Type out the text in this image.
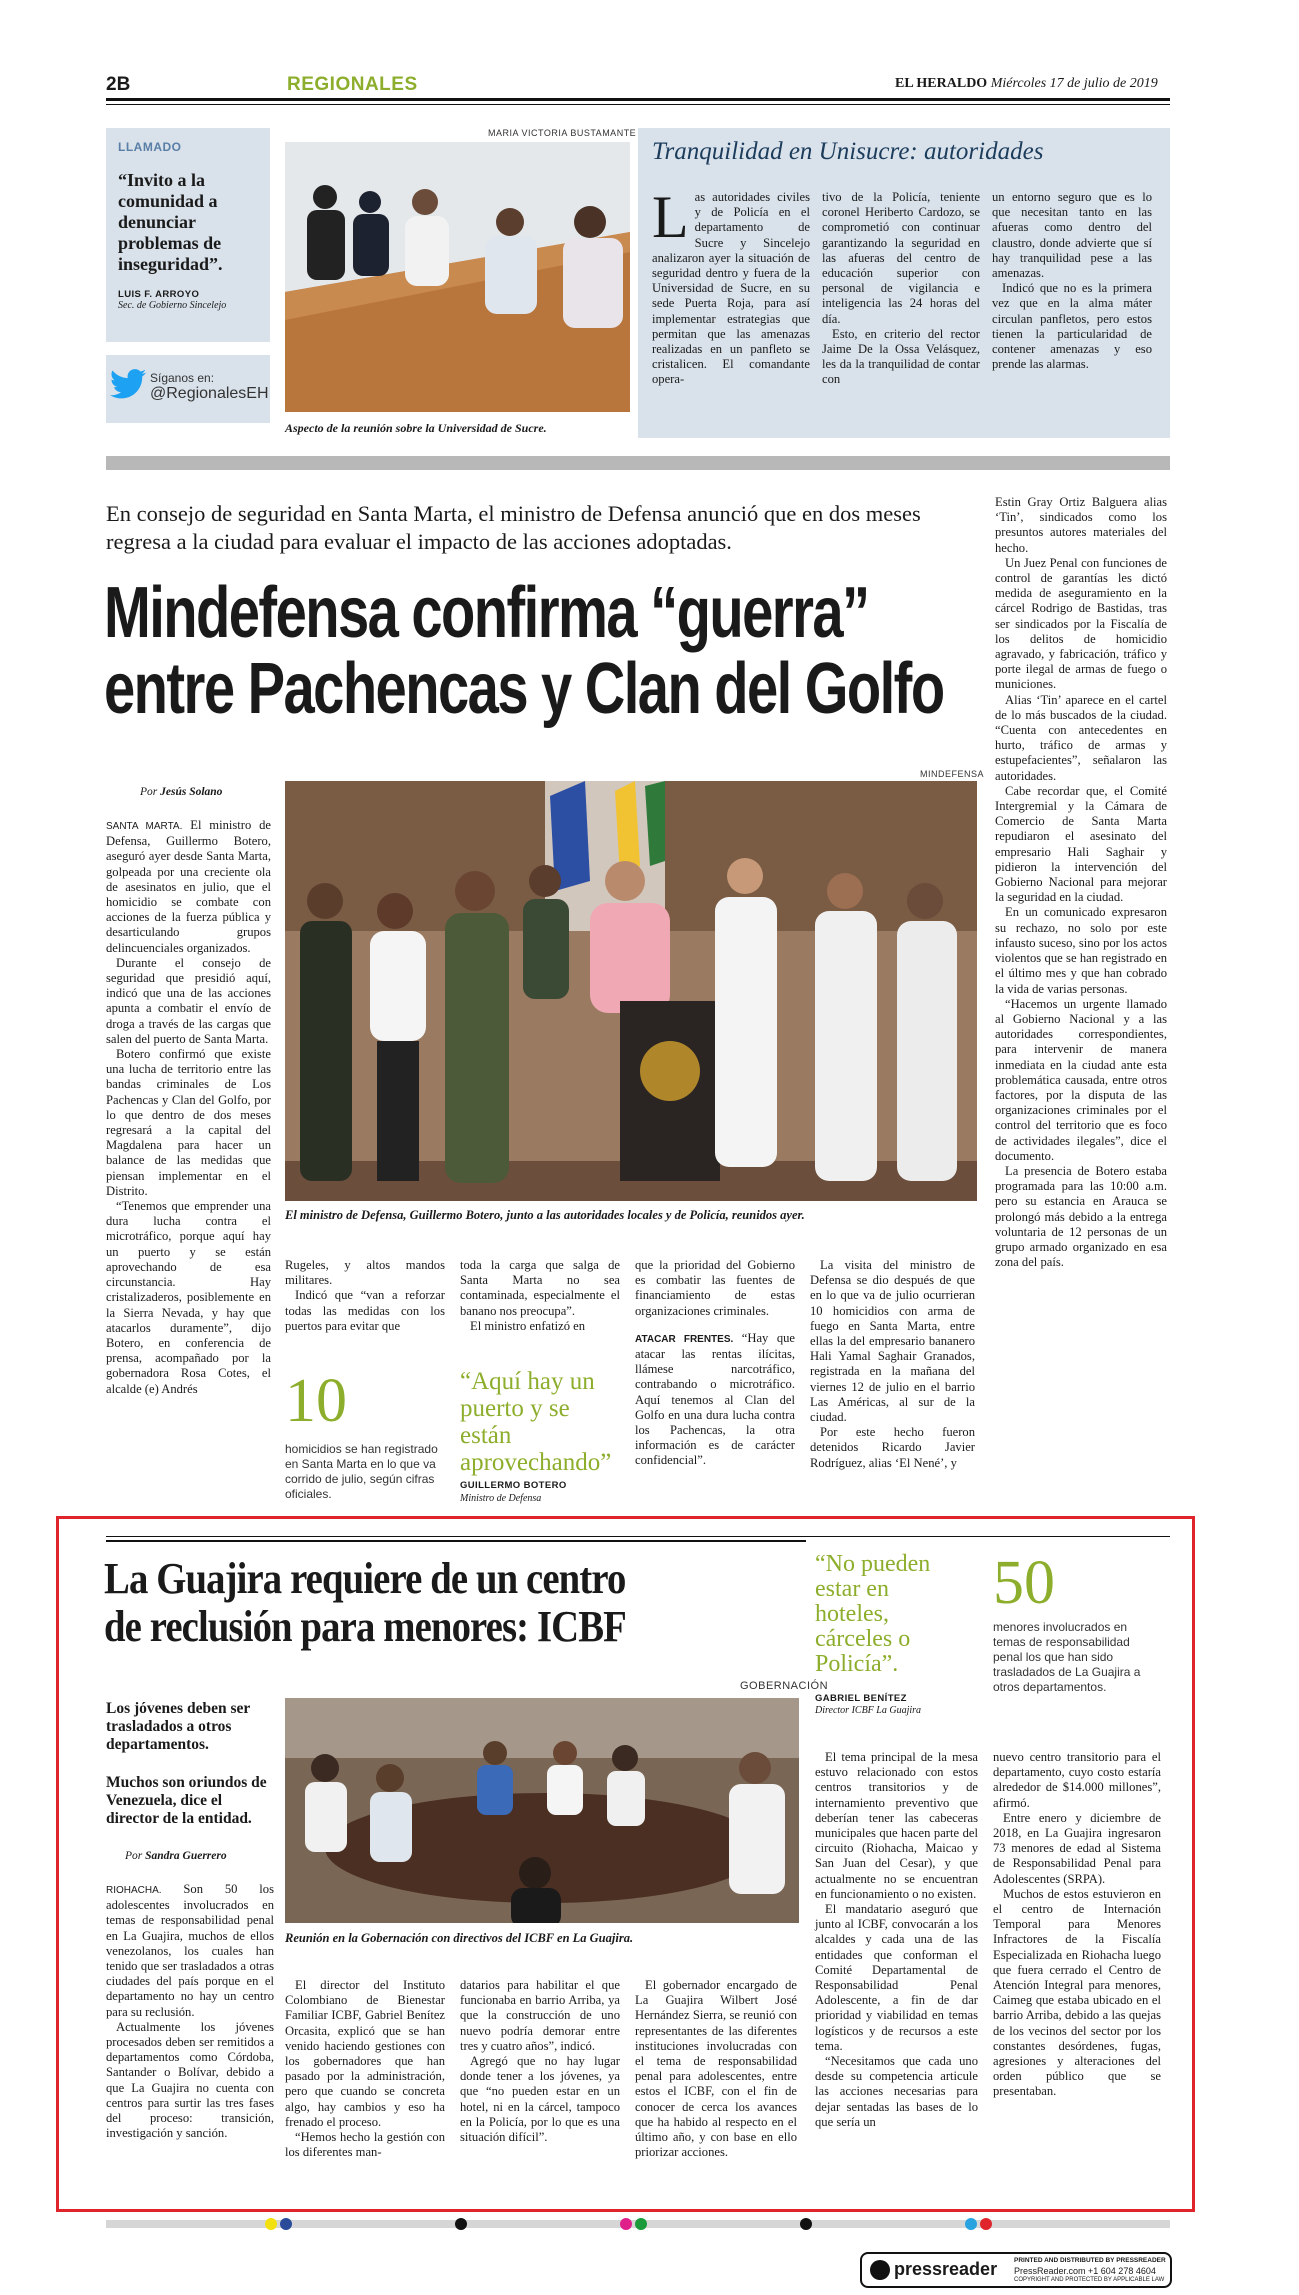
2B	REGIONALES	EL HERALDO Miércoles 17 de julio de 2019
LLAMADO
“Invito a la comunidad a denunciar problemas de inseguridad”.
LUIS F. ARROYO
Sec. de Gobierno Sincelejo
Síganos en:
@RegionalesEH
MARIA VICTORIA BUSTAMANTE
Aspecto de la reunión sobre la Universidad de Sucre.
Tranquilidad en Unisucre: autoridades
L as autoridades civiles y de Policía en el departamento de Sucre y Sincelejo analizaron ayer la situación de seguridad dentro y fuera de la Universidad de Sucre, en su sede Puerta Roja, para así implementar estrategias que permitan que las amenazas realizadas en un panfleto se cristalicen. El comandante opera-

tivo de la Policía, teniente coronel Heriberto Cardozo, se comprometió con continuar garantizando la seguridad en las afueras del centro de educación superior con personal de vigilancia e inteligencia las 24 horas del día.

Esto, en criterio del rector Jaime De la Ossa Velásquez, les da la tranquilidad de contar con

un entorno seguro que es lo que necesitan tanto en las afueras como dentro del claustro, donde advierte que sí hay tranquilidad pese a las amenazas.

Indicó que no es la primera vez que en la alma máter circulan panfletos, pero estos tienen la particularidad de contener amenazas y eso prende las alarmas.

En consejo de seguridad en Santa Marta, el ministro de Defensa anunció que en dos meses regresa a la ciudad para evaluar el impacto de las acciones adoptadas.
Mindefensa confirma “guerra”
entre Pachencas y Clan del Golfo
Por Jesús Solano
MINDEFENSA
El ministro de Defensa, Guillermo Botero, junto a las autoridades locales y de Policía, reunidos ayer.

SANTA MARTA. El ministro de Defensa, Guillermo Botero, aseguró ayer desde Santa Marta, golpeada por una creciente ola de asesinatos en julio, que el homicidio se combate con acciones de la fuerza pública y desarticulando grupos delincuenciales organizados.

Durante el consejo de seguridad que presidió aquí, indicó que una de las acciones apunta a combatir el envío de droga a través de las cargas que salen del puerto de Santa Marta.

Botero confirmó que existe una lucha de territorio entre las bandas criminales de Los Pachencas y Clan del Golfo, por lo que dentro de dos meses regresará a la capital del Magdalena para hacer un balance de las medidas que piensan implementar en el Distrito.

“Tenemos que emprender una dura lucha contra el microtráfico, porque aquí hay un puerto y se están aprovechando de esa circunstancia. Hay cristalizaderos, posiblemente en la Sierra Nevada, y hay que atacarlos duramente”, dijo Botero, en conferencia de prensa, acompañado por la gobernadora Rosa Cotes, el alcalde (e) Andrés

Rugeles, y altos mandos militares.

Indicó que “van a reforzar todas las medidas con los puertos para evitar que

10
homicidios se han registrado en Santa Marta en lo que va corrido de julio, según cifras oficiales.

toda la carga que salga de Santa Marta no sea contaminada, especialmente el banano nos preocupa”.

El ministro enfatizó en

“Aquí hay un puerto y se están aprovechando”
GUILLERMO BOTERO
Ministro de Defensa

que la prioridad del Gobierno es combatir las fuentes de financiamiento de estas organizaciones criminales.

ATACAR FRENTES. “Hay que atacar las rentas ilícitas, llámese narcotráfico, contrabando o microtráfico. Aquí tenemos al Clan del Golfo en una dura lucha contra los Pachencas, la otra información es de carácter confidencial”.

La visita del ministro de Defensa se dio después de que en lo que va de julio ocurrieran 10 homicidios con arma de fuego en Santa Marta, entre ellas la del empresario bananero Hali Yamal Saghair Granados, registrada en la mañana del viernes 12 de julio en el barrio Las Américas, al sur de la ciudad.

Por este hecho fueron detenidos Ricardo Javier Rodríguez, alias ‘El Nené’, y

Estin Gray Ortiz Balguera alias ‘Tin’, sindicados como los presuntos autores materiales del hecho.

Un Juez Penal con funciones de control de garantías les dictó medida de aseguramiento en la cárcel Rodrigo de Bastidas, tras ser sindicados por la Fiscalía de los delitos de homicidio agravado, y fabricación, tráfico y porte ilegal de armas de fuego o municiones.

Alias ‘Tin’ aparece en el cartel de lo más buscados de la ciudad. “Cuenta con antecedentes en hurto, tráfico de armas y estupefacientes”, señalaron las autoridades.

Cabe recordar que, el Comité Intergremial y la Cámara de Comercio de Santa Marta repudiaron el asesinato del empresario Hali Saghair y pidieron la intervención del Gobierno Nacional para mejorar la seguridad en la ciudad.

En un comunicado expresaron su rechazo, no solo por este infausto suceso, sino por los actos violentos que se han registrado en el último mes y que han cobrado la vida de varias personas.

“Hacemos un urgente llamado al Gobierno Nacional y a las autoridades correspondientes, para intervenir de manera inmediata en la ciudad ante esta problemática causada, entre otros factores, por la disputa de las organizaciones criminales por el control del territorio que es foco de actividades ilegales”, dice el documento.

La presencia de Botero estaba programada para las 10:00 a.m. pero su estancia en Arauca se prolongó más debido a la entrega voluntaria de 12 personas de un grupo armado organizado en esa zona del país.

La Guajira requiere de un centro
de reclusión para menores: ICBF
“No pueden estar en hoteles, cárceles o Policía”.
GABRIEL BENÍTEZ
Director ICBF La Guajira
50
menores involucrados en temas de responsabilidad penal los que han sido trasladados de La Guajira a otros departamentos.
GOBERNACIÓN
Reunión en la Gobernación con directivos del ICBF en La Guajira.
Los jóvenes deben ser trasladados a otros departamentos.
Muchos son oriundos de Venezuela, dice el director de la entidad.
Por Sandra Guerrero

RIOHACHA. Son 50 los adolescentes involucrados en temas de responsabilidad penal en La Guajira, muchos de ellos venezolanos, los cuales han tenido que ser trasladados a otras ciudades del país porque en el departamento no hay un centro para su reclusión.

Actualmente los jóvenes procesados deben ser remitidos a departamentos como Córdoba, Santander o Bolívar, debido a que La Guajira no cuenta con centros para surtir las tres fases del proceso: transición, investigación y sanción.

El director del Instituto Colombiano de Bienestar Familiar ICBF, Gabriel Benítez Orcasita, explicó que se han venido haciendo gestiones con los gobernadores que han pasado por la administración, pero que cuando se concreta algo, hay cambios y eso ha frenado el proceso.

“Hemos hecho la gestión con los diferentes man-

datarios para habilitar el que funcionaba en barrio Arriba, ya que la construcción de uno nuevo podría demorar entre tres y cuatro años”, indicó.

Agregó que no hay lugar donde tener a los jóvenes, ya que “no pueden estar en un hotel, ni en la cárcel, tampoco en la Policía, por lo que es una situación difícil”.

El gobernador encargado de La Guajira Wilbert José Hernández Sierra, se reunió con representantes de las diferentes instituciones involucradas con el tema de responsabilidad penal para adolescentes, entre estos el ICBF, con el fin de conocer de cerca los avances que ha habido al respecto en el último año, y con base en ello priorizar acciones.

El tema principal de la mesa estuvo relacionado con estos centros transitorios y de internamiento preventivo que deberían tener las cabeceras municipales que hacen parte del circuito (Riohacha, Maicao y San Juan del Cesar), y que actualmente no se encuentran en funcionamiento o no existen.

El mandatario aseguró que junto al ICBF, convocarán a los alcaldes y cada una de las entidades que conforman el Comité Departamental de Responsabilidad Penal Adolescente, a fin de dar prioridad y viabilidad en temas logísticos y de recursos a este tema.

“Necesitamos que cada uno desde su competencia articule las acciones necesarias para dejar sentadas las bases de lo que sería un

nuevo centro transitorio para el departamento, cuyo costo estaría alrededor de $14.000 millones”, afirmó.

Entre enero y diciembre de 2018, en La Guajira ingresaron 73 menores de edad al Sistema de Responsabilidad Penal para Adolescentes (SRPA).

Muchos de estos estuvieron en el centro de Internación Temporal para Menores Infractores de la Fiscalía Especializada en Riohacha luego que fuera cerrado el Centro de Atención Integral para menores, Caimeg que estaba ubicado en el barrio Arriba, debido a las quejas de los vecinos del sector por los constantes desórdenes, fugas, agresiones y alteraciones del orden público que se presentaban.

pressreader	PRINTED AND DISTRIBUTED BY PRESSREADER
PressReader.com +1 604 278 4604
COPYRIGHT AND PROTECTED BY APPLICABLE LAW
